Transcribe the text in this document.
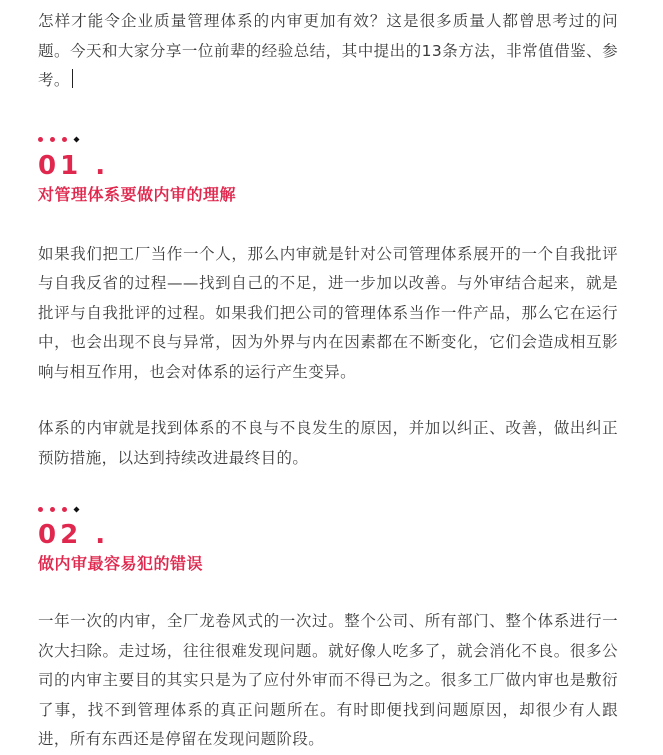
怎样才能令企业质量管理体系的内审更加有效？这是很多质量人都曾思考过的问题。今天和大家分享一位前辈的经验总结，其中提出的13条方法，非常值借鉴、参考。

01 .
对管理体系要做内审的理解

如果我们把工厂当作一个人，那么内审就是针对公司管理体系展开的一个自我批评与自我反省的过程——找到自己的不足，进一步加以改善。与外审结合起来，就是批评与自我批评的过程。如果我们把公司的管理体系当作一件产品，那么它在运行中，也会出现不良与异常，因为外界与内在因素都在不断变化，它们会造成相互影响与相互作用，也会对体系的运行产生变异。

体系的内审就是找到体系的不良与不良发生的原因，并加以纠正、改善，做出纠正预防措施，以达到持续改进最终目的。

02 .
做内审最容易犯的错误

一年一次的内审，全厂龙卷风式的一次过。整个公司、所有部门、整个体系进行一次大扫除。走过场，往往很难发现问题。就好像人吃多了，就会消化不良。很多公司的内审主要目的其实只是为了应付外审而不得已为之。很多工厂做内审也是敷衍了事，找不到管理体系的真正问题所在。有时即便找到问题原因，却很少有人跟进，所有东西还是停留在发现问题阶段。
